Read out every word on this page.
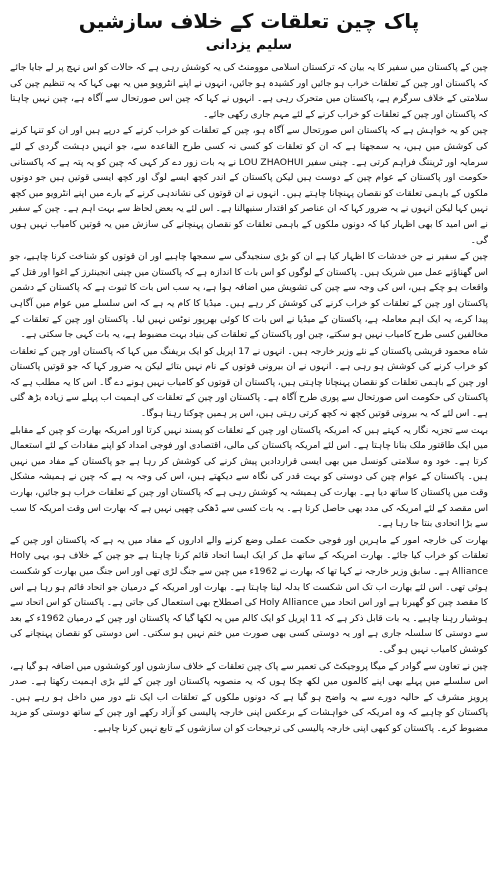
پاک چین تعلقات کے خلاف سازشیں
سلیم یزدانی

چین کے پاکستان میں سفیر کا یہ بیان کہ ترکستان اسلامی موومنٹ کی یہ کوشش رہی ہے کہ حالات کو اس نہج پر لے جایا جائے کہ پاکستان اور چین کے تعلقات خراب ہو جائیں اور کشیدہ ہو جائیں، انہوں نے اپنے انٹرویو میں یہ بھی کہا کہ یہ تنظیم چین کی سلامتی کے خلاف سرگرم ہے، پاکستان میں متحرک رہی ہے۔ انہوں نے کہا کہ چین اس صورتحال سے آگاہ ہے، چین نہیں چاہتا کہ پاکستان اور چین کے تعلقات کو خراب کرنے کے لئے مہم جاری رکھی جائے۔

چین کو یہ خواہش ہے کہ پاکستان اس صورتحال سے آگاہ ہو، چین کے تعلقات کو خراب کرنے کے درپے ہیں اور ان کو تنہا کرنے کی کوشش میں ہیں، یہ سمجھتا ہے کہ ان کو تعلقات کو کسی نہ کسی طرح القاعدہ سے، جو انہیں دہشت گردی کے لئے سرمایہ اور ٹریننگ فراہم کرتی ہے۔ چینی سفیر LOU ZHAOHUI نے یہ بات زور دے کر کہی کہ چین کو یہ پتہ ہے کہ پاکستانی حکومت اور پاکستان کے عوام چین کے دوست ہیں لیکن پاکستان کے اندر کچھ ایسے لوگ اور کچھ ایسی قوتیں ہیں جو دونوں ملکوں کے باہمی تعلقات کو نقصان پہنچانا چاہتے ہیں۔ انہوں نے ان قوتوں کی نشاندہی کرنے کے بارے میں اپنے انٹرویو میں کچھ نہیں کہا لیکن انہوں نے یہ ضرور کہا کہ ان عناصر کو اقتدار سنبھالنا ہے۔ اس لئے یہ بعض لحاظ سے بہت اہم ہے۔ چین کے سفیر نے اس امید کا بھی اظہار کیا کہ دونوں ملکوں کے باہمی تعلقات کو نقصان پہنچانے کی سازش میں یہ قوتیں کامیاب نہیں ہوں گی۔

چین کے سفیر نے جن خدشات کا اظہار کیا ہے ان کو بڑی سنجیدگی سے سمجھا چاہیے اور ان قوتوں کو شناخت کرنا چاہیے، جو اس گھناؤنے عمل میں شریک ہیں۔ پاکستان کے لوگوں کو اس بات کا اندازہ ہے کہ پاکستان میں چینی انجینئرز کے اغوا اور قتل کے واقعات ہو چکے ہیں، اس کی وجہ سے چین کی تشویش میں اضافہ ہوا ہے، یہ سب اس بات کا ثبوت ہے کہ پاکستان کے دشمن پاکستان اور چین کے تعلقات کو خراب کرنے کی کوشش کر رہے ہیں۔ میڈیا کا کام یہ ہے کہ اس سلسلے میں عوام میں آگاہی پیدا کرے، یہ ایک اہم معاملہ ہے، پاکستان کے میڈیا نے اس بات کا کوئی بھرپور نوٹس نہیں لیا۔ پاکستان اور چین کے تعلقات کے مخالفین کسی طرح کامیاب نہیں ہو سکتے، چین اور پاکستان کے تعلقات کی بنیاد بہت مضبوط ہے، یہ بات کہی جا سکتی ہے۔

شاہ محمود قریشی پاکستان کے نئے وزیر خارجہ ہیں۔ انہوں نے 17 اپریل کو ایک بریفنگ میں کہا کہ پاکستان اور چین کے تعلقات کو خراب کرنے کی کوشش ہو رہی ہے۔ انہوں نے ان بیرونی قوتوں کے نام نہیں بتائے لیکن یہ ضرور کہا کہ جو قوتیں پاکستان اور چین کے باہمی تعلقات کو نقصان پہنچانا چاہتی ہیں، پاکستان ان قوتوں کو کامیاب نہیں ہونے دے گا۔ اس کا یہ مطلب ہے کہ پاکستان کی حکومت اس صورتحال سے پوری طرح آگاہ ہے۔ پاکستان اور چین کے تعلقات کی اہمیت اب پہلے سے زیادہ بڑھ گئی ہے۔ اس لئے کہ یہ بیرونی قوتیں کچھ نہ کچھ کرتی رہتی ہیں، اس پر ہمیں چوکنا رہنا ہوگا۔

بہت سے تجزیہ نگار یہ کہتے ہیں کہ امریکہ پاکستان اور چین کے تعلقات کو پسند نہیں کرتا اور امریکہ بھارت کو چین کے مقابلے میں ایک طاقتور ملک بنانا چاہتا ہے۔ اس لئے امریکہ پاکستان کی مالی، اقتصادی اور فوجی امداد کو اپنے مفادات کے لئے استعمال کرتا ہے۔ خود وہ سلامتی کونسل میں بھی ایسی قراردادیں پیش کرنے کی کوشش کر رہا ہے جو پاکستان کے مفاد میں نہیں ہیں۔ پاکستان کے عوام چین کی دوستی کو بہت قدر کی نگاہ سے دیکھتے ہیں، اس کی وجہ یہ ہے کہ چین نے ہمیشہ مشکل وقت میں پاکستان کا ساتھ دیا ہے۔ بھارت کی ہمیشہ یہ کوشش رہی ہے کہ پاکستان اور چین کے تعلقات خراب ہو جائیں، بھارت اس مقصد کے لئے امریکہ کی مدد بھی حاصل کرتا ہے۔ یہ بات کسی سے ڈھکی چھپی نہیں ہے کہ بھارت اس وقت امریکہ کا سب سے بڑا اتحادی بنتا جا رہا ہے۔

بھارت کی خارجہ امور کے ماہرین اور فوجی حکمت عملی وضع کرنے والے اداروں کے مفاد میں یہ ہے کہ پاکستان اور چین کے تعلقات کو خراب کیا جائے۔ بھارت امریکہ کے ساتھ مل کر ایک ایسا اتحاد قائم کرنا چاہتا ہے جو چین کے خلاف ہو، یہی Holy Alliance ہے۔ سابق وزیر خارجہ نے کہا تھا کہ بھارت نے 1962ء میں چین سے جنگ لڑی تھی اور اس جنگ میں بھارت کو شکست ہوئی تھی۔ اس لئے بھارت اب تک اس شکست کا بدلہ لینا چاہتا ہے۔ بھارت اور امریکہ کے درمیان جو اتحاد قائم ہو رہا ہے اس کا مقصد چین کو گھیرنا ہے اور اس اتحاد میں Holy Alliance کی اصطلاح بھی استعمال کی جاتی ہے۔ پاکستان کو اس اتحاد سے ہوشیار رہنا چاہیے۔ یہ بات قابل ذکر ہے کہ 11 اپریل کو ایک کالم میں یہ لکھا گیا کہ پاکستان اور چین کے درمیان 1962ء کے بعد سے دوستی کا سلسلہ جاری ہے اور یہ دوستی کسی بھی صورت میں ختم نہیں ہو سکتی۔ اس دوستی کو نقصان پہنچانے کی کوشش کامیاب نہیں ہو گی۔

چین نے تعاون سے گوادر کے میگا پروجیکٹ کی تعمیر سے پاک چین تعلقات کے خلاف سازشوں اور کوششوں میں اضافہ ہو گیا ہے، اس سلسلے میں پہلے بھی اپنے کالموں میں لکھ چکا ہوں کہ یہ منصوبہ پاکستان اور چین کے لئے بڑی اہمیت رکھتا ہے۔ صدر پرویز مشرف کے حالیہ دورے سے یہ واضح ہو گیا ہے کہ دونوں ملکوں کے تعلقات اب ایک نئے دور میں داخل ہو رہے ہیں۔ پاکستان کو چاہیے کہ وہ امریکہ کی خواہشات کے برعکس اپنی خارجہ پالیسی کو آزاد رکھے اور چین کے ساتھ دوستی کو مزید مضبوط کرے۔ پاکستان کو کبھی اپنی خارجہ پالیسی کی ترجیحات کو ان سازشوں کے تابع نہیں کرنا چاہیے۔
